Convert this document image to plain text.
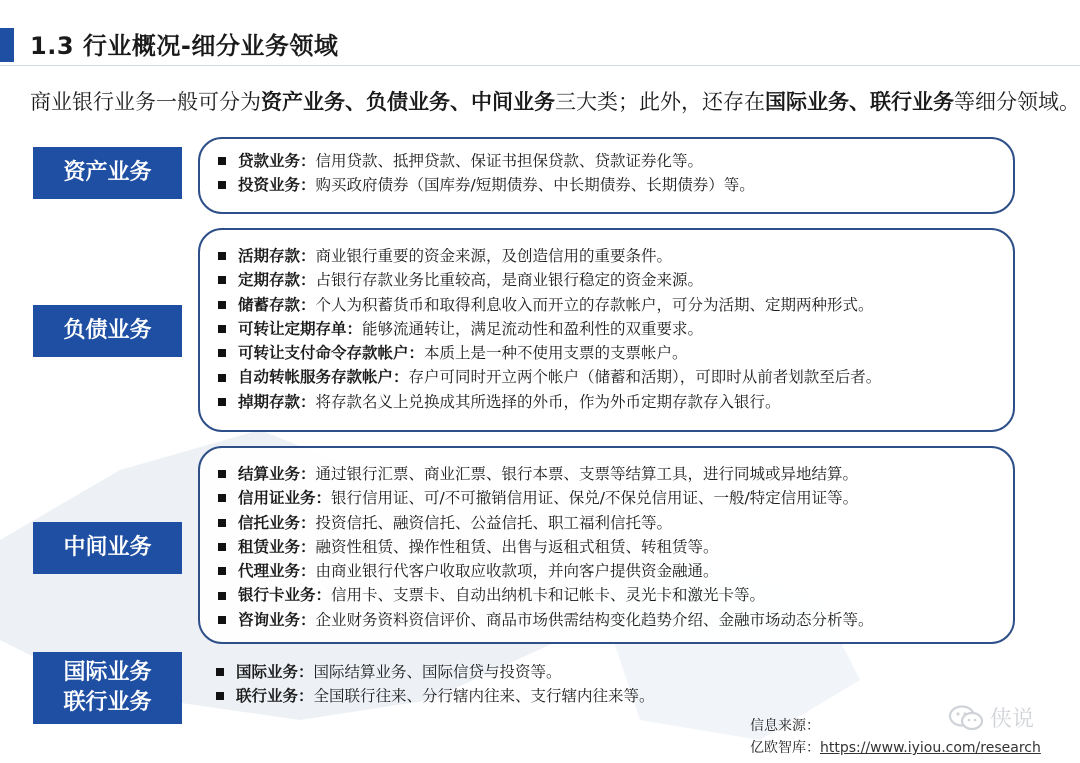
1.3 行业概况-细分业务领域
商业银行业务一般可分为资产业务、负债业务、中间业务三大类；此外，还存在国际业务、联行业务等细分领域。
资产业务	贷款业务： 信用贷款、抵押贷款、保证书担保贷款、贷款证券化等。
投资业务： 购买政府债券（国库券/短期债券、中长期债券、长期债券）等。
负债业务
活期存款： 商业银行重要的资金来源，及创造信用的重要条件。
定期存款： 占银行存款业务比重较高，是商业银行稳定的资金来源。
储蓄存款： 个人为积蓄货币和取得利息收入而开立的存款帐户，可分为活期、定期两种形式。
可转让定期存单： 能够流通转让，满足流动性和盈利性的双重要求。
可转让支付命令存款帐户： 本质上是一种不使用支票的支票帐户。
自动转帐服务存款帐户： 存户可同时开立两个帐户（储蓄和活期），可即时从前者划款至后者。
掉期存款： 将存款名义上兑换成其所选择的外币，作为外币定期存款存入银行。
中间业务
结算业务： 通过银行汇票、商业汇票、银行本票、支票等结算工具，进行同城或异地结算。
信用证业务： 银行信用证、可/不可撤销信用证、保兑/不保兑信用证、一般/特定信用证等。
信托业务： 投资信托、融资信托、公益信托、职工福利信托等。
租赁业务： 融资性租赁、操作性租赁、出售与返租式租赁、转租赁等。
代理业务： 由商业银行代客户收取应收款项，并向客户提供资金融通。
银行卡业务： 信用卡、支票卡、自动出纳机卡和记帐卡、灵光卡和激光卡等。
咨询业务： 企业财务资料资信评价、商品市场供需结构变化趋势介绍、金融市场动态分析等。
国际业务
联行业务
国际业务： 国际结算业务、国际信贷与投资等。
联行业务： 全国联行往来、分行辖内往来、支行辖内往来等。
侠说
信息来源：
亿欧智库：https://www.iyiou.com/research
